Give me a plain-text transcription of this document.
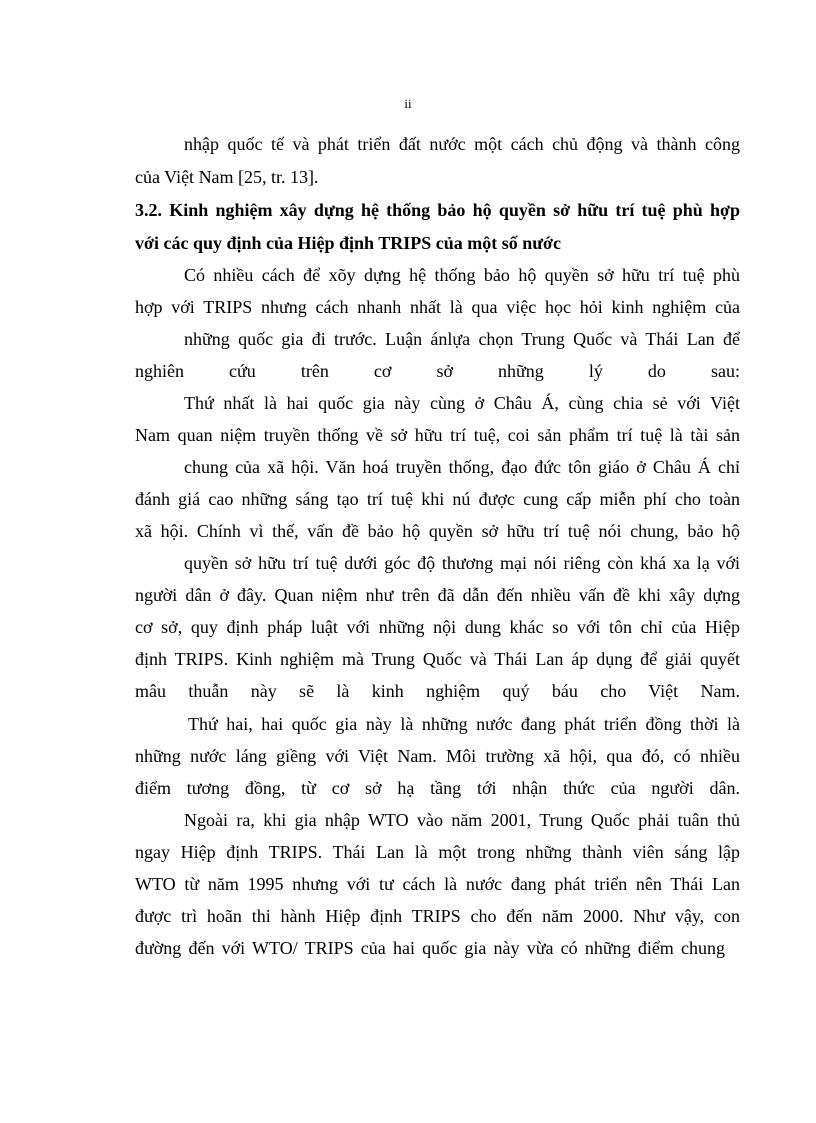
ii
nhập quốc tế và phát triển đất nước một cách chủ động và thành công
của Việt Nam [25, tr. 13].
3.2. Kinh nghiệm xây dựng hệ thống bảo hộ quyền sở hữu trí tuệ phù hợp
với các quy định của Hiệp định TRIPS của một số nước
Có nhiều cách để xõy dựng hệ thống bảo hộ quyền sở hữu trí tuệ phù
hợp với TRIPS nhưng cách nhanh nhất là qua việc học hỏi kinh nghiệm của
những quốc gia đi trước. Luận ánlựa chọn Trung Quốc và Thái Lan để
nghiên cứu trên cơ sở những lý do sau:
Thứ nhất là hai quốc gia này cùng ở Châu Á, cùng chia sẻ với Việt
Nam quan niệm truyền thống về sở hữu trí tuệ, coi sản phẩm trí tuệ là tài sản
chung của xã hội. Văn hoá truyền thống, đạo đức tôn giáo ở Châu Á chỉ
đánh giá cao những sáng tạo trí tuệ khi nú được cung cấp miễn phí cho toàn
xã hội. Chính vì thế, vấn đề bảo hộ quyền sở hữu trí tuệ nói chung, bảo hộ
quyền sở hữu trí tuệ dưới góc độ thương mại nói riêng còn khá xa lạ với
người dân ở đây. Quan niệm như trên đã dẫn đến nhiều vấn đề khi xây dựng
cơ sở, quy định pháp luật với những nội dung khác so với tôn chỉ của Hiệp
định TRIPS. Kinh nghiệm mà Trung Quốc và Thái Lan áp dụng để giải quyết
mâu thuẫn này sẽ là kinh nghiệm quý báu cho Việt Nam.
Thứ hai, hai quốc gia này là những nước đang phát triển đồng thời là
những nước láng giềng với Việt Nam. Môi trường xã hội, qua đó, có nhiều
điểm tương đồng, từ cơ sở hạ tầng tới nhận thức của người dân.
Ngoài ra, khi gia nhập WTO vào năm 2001, Trung Quốc phải tuân thủ
ngay Hiệp định TRIPS. Thái Lan là một trong những thành viên sáng lập
WTO từ năm 1995 nhưng với tư cách là nước đang phát triển nên Thái Lan
được trì hoãn thi hành Hiệp định TRIPS cho đến năm 2000. Như vậy, con
đường đến với WTO/ TRIPS của hai quốc gia này vừa có những điểm chung
